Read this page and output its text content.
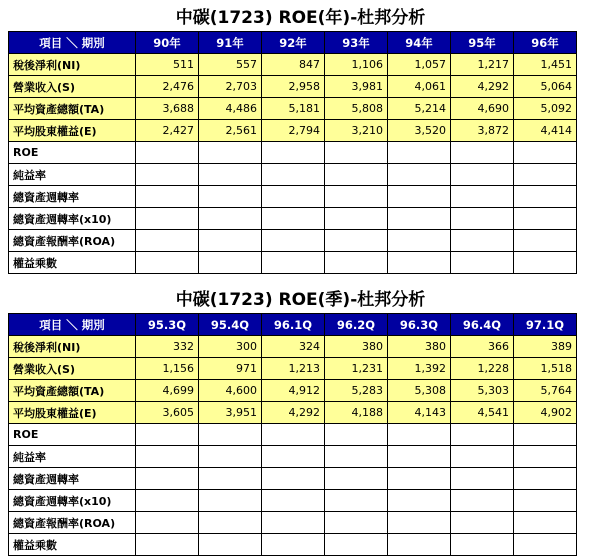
中碳(1723) ROE(年)-杜邦分析
項目 ＼ 期別	90年	91年	92年	93年	94年	95年	96年
稅後淨利(NI)	511	557	847	1,106	1,057	1,217	1,451
營業收入(S)	2,476	2,703	2,958	3,981	4,061	4,292	5,064
平均資產總額(TA)	3,688	4,486	5,181	5,808	5,214	4,690	5,092
平均股東權益(E)	2,427	2,561	2,794	3,210	3,520	3,872	4,414
ROE							
純益率							
總資產週轉率							
總資產週轉率(x10)							
總資產報酬率(ROA)							
權益乘數							
中碳(1723) ROE(季)-杜邦分析
項目 ＼ 期別	95.3Q	95.4Q	96.1Q	96.2Q	96.3Q	96.4Q	97.1Q
稅後淨利(NI)	332	300	324	380	380	366	389
營業收入(S)	1,156	971	1,213	1,231	1,392	1,228	1,518
平均資產總額(TA)	4,699	4,600	4,912	5,283	5,308	5,303	5,764
平均股東權益(E)	3,605	3,951	4,292	4,188	4,143	4,541	4,902
ROE							
純益率							
總資產週轉率							
總資產週轉率(x10)							
總資產報酬率(ROA)							
權益乘數							
